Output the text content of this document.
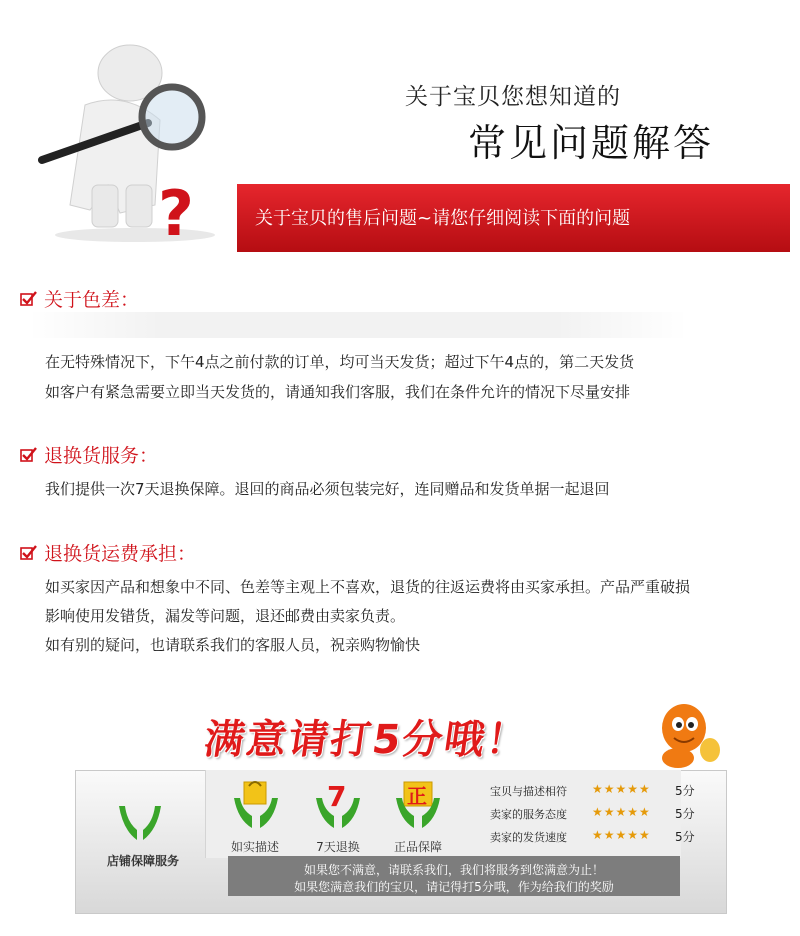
?
关于宝贝您想知道的
常见问题解答
关于宝贝的售后问题~请您仔细阅读下面的问题
关于色差：
在无特殊情况下，下午4点之前付款的订单，均可当天发货；超过下午4点的，第二天发货
如客户有紧急需要立即当天发货的，请通知我们客服，我们在条件允许的情况下尽量安排
退换货服务：
我们提供一次7天退换保障。退回的商品必须包装完好，连同赠品和发货单据一起退回
退换货运费承担：
如买家因产品和想象中不同、色差等主观上不喜欢，退货的往返运费将由买家承担。产品严重破损
影响使用发错货，漏发等问题，退还邮费由卖家负责。
如有别的疑问，也请联系我们的客服人员，祝亲购物愉快
满意请打5分哦！
店铺保障服务
如实描述
7
7天退换
正
正品保障
宝贝与描述相符 ★★★★★ 5分
卖家的服务态度 ★★★★★ 5分
卖家的发货速度 ★★★★★ 5分
如果您不满意，请联系我们，我们将服务到您满意为止！
如果您满意我们的宝贝，请记得打5分哦，作为给我们的奖励
